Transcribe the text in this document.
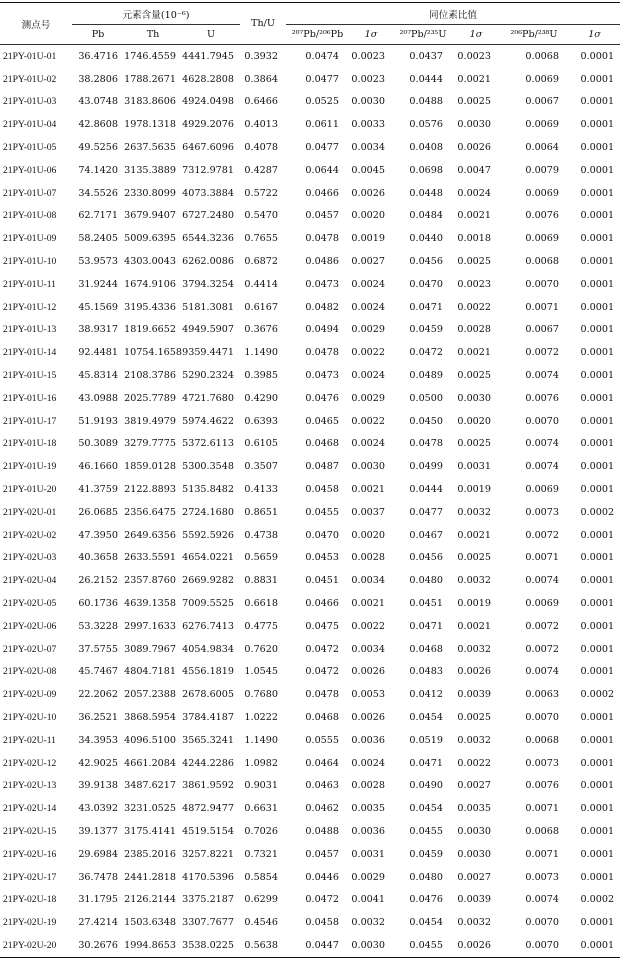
测点号	元素含量(10⁻⁶)			Th/U	同位素比值					
	Pb	Th	U		²⁰⁷Pb/²⁰⁶Pb	1σ	²⁰⁷Pb/²³⁵U	1σ	²⁰⁶Pb/²³⁸U	1σ
21PY-01U-01	36.4716	1746.4559	4441.7945	0.3932	0.0474	0.0023	0.0437	0.0023	0.0068	0.0001
21PY-01U-02	38.2806	1788.2671	4628.2808	0.3864	0.0477	0.0023	0.0444	0.0021	0.0069	0.0001
21PY-01U-03	43.0748	3183.8606	4924.0498	0.6466	0.0525	0.0030	0.0488	0.0025	0.0067	0.0001
21PY-01U-04	42.8608	1978.1318	4929.2076	0.4013	0.0611	0.0033	0.0576	0.0030	0.0069	0.0001
21PY-01U-05	49.5256	2637.5635	6467.6096	0.4078	0.0477	0.0034	0.0408	0.0026	0.0064	0.0001
21PY-01U-06	74.1420	3135.3889	7312.9781	0.4287	0.0644	0.0045	0.0698	0.0047	0.0079	0.0001
21PY-01U-07	34.5526	2330.8099	4073.3884	0.5722	0.0466	0.0026	0.0448	0.0024	0.0069	0.0001
21PY-01U-08	62.7171	3679.9407	6727.2480	0.5470	0.0457	0.0020	0.0484	0.0021	0.0076	0.0001
21PY-01U-09	58.2405	5009.6395	6544.3236	0.7655	0.0478	0.0019	0.0440	0.0018	0.0069	0.0001
21PY-01U-10	53.9573	4303.0043	6262.0086	0.6872	0.0486	0.0027	0.0456	0.0025	0.0068	0.0001
21PY-01U-11	31.9244	1674.9106	3794.3254	0.4414	0.0473	0.0024	0.0470	0.0023	0.0070	0.0001
21PY-01U-12	45.1569	3195.4336	5181.3081	0.6167	0.0482	0.0024	0.0471	0.0022	0.0071	0.0001
21PY-01U-13	38.9317	1819.6652	4949.5907	0.3676	0.0494	0.0029	0.0459	0.0028	0.0067	0.0001
21PY-01U-14	92.4481	10754.1658	9359.4471	1.1490	0.0478	0.0022	0.0472	0.0021	0.0072	0.0001
21PY-01U-15	45.8314	2108.3786	5290.2324	0.3985	0.0473	0.0024	0.0489	0.0025	0.0074	0.0001
21PY-01U-16	43.0988	2025.7789	4721.7680	0.4290	0.0476	0.0029	0.0500	0.0030	0.0076	0.0001
21PY-01U-17	51.9193	3819.4979	5974.4622	0.6393	0.0465	0.0022	0.0450	0.0020	0.0070	0.0001
21PY-01U-18	50.3089	3279.7775	5372.6113	0.6105	0.0468	0.0024	0.0478	0.0025	0.0074	0.0001
21PY-01U-19	46.1660	1859.0128	5300.3548	0.3507	0.0487	0.0030	0.0499	0.0031	0.0074	0.0001
21PY-01U-20	41.3759	2122.8893	5135.8482	0.4133	0.0458	0.0021	0.0444	0.0019	0.0069	0.0001
21PY-02U-01	26.0685	2356.6475	2724.1680	0.8651	0.0455	0.0037	0.0477	0.0032	0.0073	0.0002
21PY-02U-02	47.3950	2649.6356	5592.5926	0.4738	0.0470	0.0020	0.0467	0.0021	0.0072	0.0001
21PY-02U-03	40.3658	2633.5591	4654.0221	0.5659	0.0453	0.0028	0.0456	0.0025	0.0071	0.0001
21PY-02U-04	26.2152	2357.8760	2669.9282	0.8831	0.0451	0.0034	0.0480	0.0032	0.0074	0.0001
21PY-02U-05	60.1736	4639.1358	7009.5525	0.6618	0.0466	0.0021	0.0451	0.0019	0.0069	0.0001
21PY-02U-06	53.3228	2997.1633	6276.7413	0.4775	0.0475	0.0022	0.0471	0.0021	0.0072	0.0001
21PY-02U-07	37.5755	3089.7967	4054.9834	0.7620	0.0472	0.0034	0.0468	0.0032	0.0072	0.0001
21PY-02U-08	45.7467	4804.7181	4556.1819	1.0545	0.0472	0.0026	0.0483	0.0026	0.0074	0.0001
21PY-02U-09	22.2062	2057.2388	2678.6005	0.7680	0.0478	0.0053	0.0412	0.0039	0.0063	0.0002
21PY-02U-10	36.2521	3868.5954	3784.4187	1.0222	0.0468	0.0026	0.0454	0.0025	0.0070	0.0001
21PY-02U-11	34.3953	4096.5100	3565.3241	1.1490	0.0555	0.0036	0.0519	0.0032	0.0068	0.0001
21PY-02U-12	42.9025	4661.2084	4244.2286	1.0982	0.0464	0.0024	0.0471	0.0022	0.0073	0.0001
21PY-02U-13	39.9138	3487.6217	3861.9592	0.9031	0.0463	0.0028	0.0490	0.0027	0.0076	0.0001
21PY-02U-14	43.0392	3231.0525	4872.9477	0.6631	0.0462	0.0035	0.0454	0.0035	0.0071	0.0001
21PY-02U-15	39.1377	3175.4141	4519.5154	0.7026	0.0488	0.0036	0.0455	0.0030	0.0068	0.0001
21PY-02U-16	29.6984	2385.2016	3257.8221	0.7321	0.0457	0.0031	0.0459	0.0030	0.0071	0.0001
21PY-02U-17	36.7478	2441.2818	4170.5396	0.5854	0.0446	0.0029	0.0480	0.0027	0.0073	0.0001
21PY-02U-18	31.1795	2126.2144	3375.2187	0.6299	0.0472	0.0041	0.0476	0.0039	0.0074	0.0002
21PY-02U-19	27.4214	1503.6348	3307.7677	0.4546	0.0458	0.0032	0.0454	0.0032	0.0070	0.0001
21PY-02U-20	30.2676	1994.8653	3538.0225	0.5638	0.0447	0.0030	0.0455	0.0026	0.0070	0.0001
